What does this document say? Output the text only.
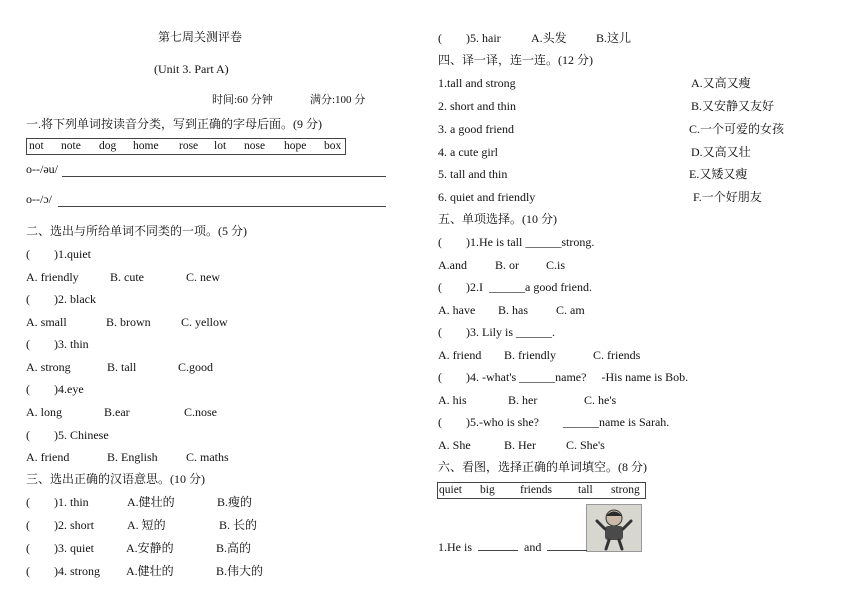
第七周关测评卷
(Unit 3. Part A)
时间:60 分钟	满分:100 分
一.将下列单词按读音分类，写到正确的字母后面。(9 分)
not note dog home rose lot nose hope box
o--/əu/
o--/ɔ/
二、选出与所给单词不同类的一项。(5 分)
(        )1.quiet
A. friendly	B. cute	C. new
(        )2. black
A. small	B. brown	C. yellow
(        )3. thin
A. strong	B. tall	C.good
(        )4.eye
A. long	B.ear	C.nose
(        )5. Chinese
A. friend	B. English C. maths
三、选出正确的汉语意思。(10 分)
(        )1. thin	A.健壮的	B.瘦的
(        )2. short	A. 短的	B. 长的
(        )3. quiet	A.安静的	B.高的
(        )4. strong A.健壮的	B.伟大的
(        )5. hair	A.头发 B.这儿
四、译一译，连一连。(12 分)
1.tall and strong	A.又高又瘦
2. short and thin	B.又安静又友好
3. a good friend	C.一个可爱的女孩
4. a cute girl	D.又高又壮
5. tall and thin	E.又矮又瘦
6. quiet and friendly	F.一个好朋友
五、单项选择。(10 分)
(        )1.He is tall ______strong.
A.and B. or C.is
(        )2.I  ______a good friend.
A. have B. has C. am
(        )3. Lily is ______.
A. friend B. friendly	C. friends
(        )4. -what's ______name?     -His name is Bob.
A. his	B. her	C. he's
(        )5.-who is she?        ______name is Sarah.
A. She	B. Her	C. She's
六、看图，选择正确的单词填空。(8 分)
quiet big friends tall strong
1.He is	and
